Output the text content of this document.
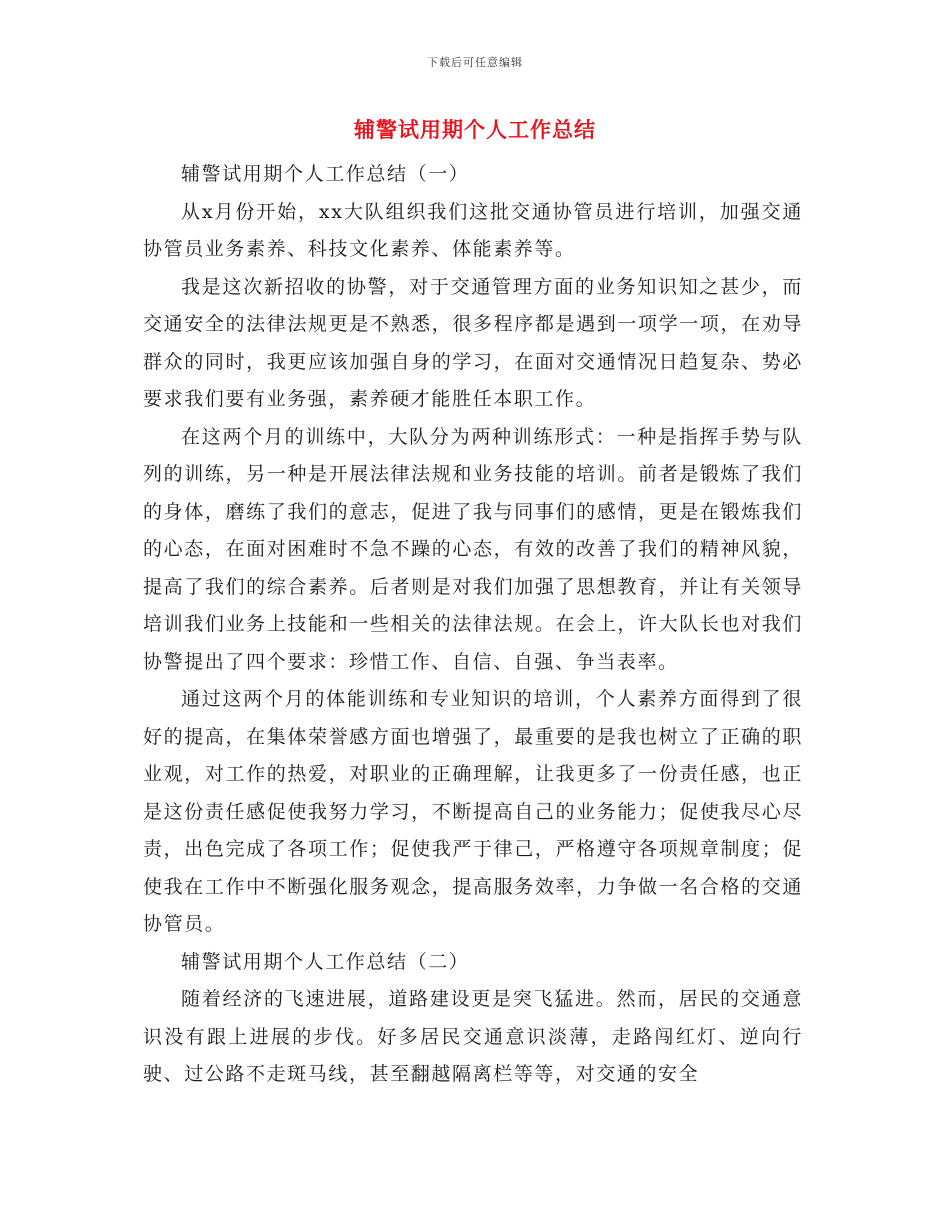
下载后可任意编辑
辅警试用期个人工作总结

辅警试用期个人工作总结（一）

从x月份开始，xx大队组织我们这批交通协管员进行培训，加强交通协管员业务素养、科技文化素养、体能素养等。

我是这次新招收的协警，对于交通管理方面的业务知识知之甚少，而交通安全的法律法规更是不熟悉，很多程序都是遇到一项学一项，在劝导群众的同时，我更应该加强自身的学习，在面对交通情况日趋复杂、势必要求我们要有业务强，素养硬才能胜任本职工作。

在这两个月的训练中，大队分为两种训练形式：一种是指挥手势与队列的训练，另一种是开展法律法规和业务技能的培训。前者是锻炼了我们的身体，磨练了我们的意志，促进了我与同事们的感情，更是在锻炼我们的心态，在面对困难时不急不躁的心态，有效的改善了我们的精神风貌，提高了我们的综合素养。后者则是对我们加强了思想教育，并让有关领导培训我们业务上技能和一些相关的法律法规。在会上，许大队长也对我们协警提出了四个要求：珍惜工作、自信、自强、争当表率。

通过这两个月的体能训练和专业知识的培训，个人素养方面得到了很好的提高，在集体荣誉感方面也增强了，最重要的是我也树立了正确的职业观，对工作的热爱，对职业的正确理解，让我更多了一份责任感，也正是这份责任感促使我努力学习，不断提高自己的业务能力；促使我尽心尽责，出色完成了各项工作；促使我严于律己，严格遵守各项规章制度；促使我在工作中不断强化服务观念，提高服务效率，力争做一名合格的交通协管员。

辅警试用期个人工作总结（二）

随着经济的飞速进展，道路建设更是突飞猛进。然而，居民的交通意识没有跟上进展的步伐。好多居民交通意识淡薄，走路闯红灯、逆向行驶、过公路不走斑马线，甚至翻越隔离栏等等，对交通的安全
